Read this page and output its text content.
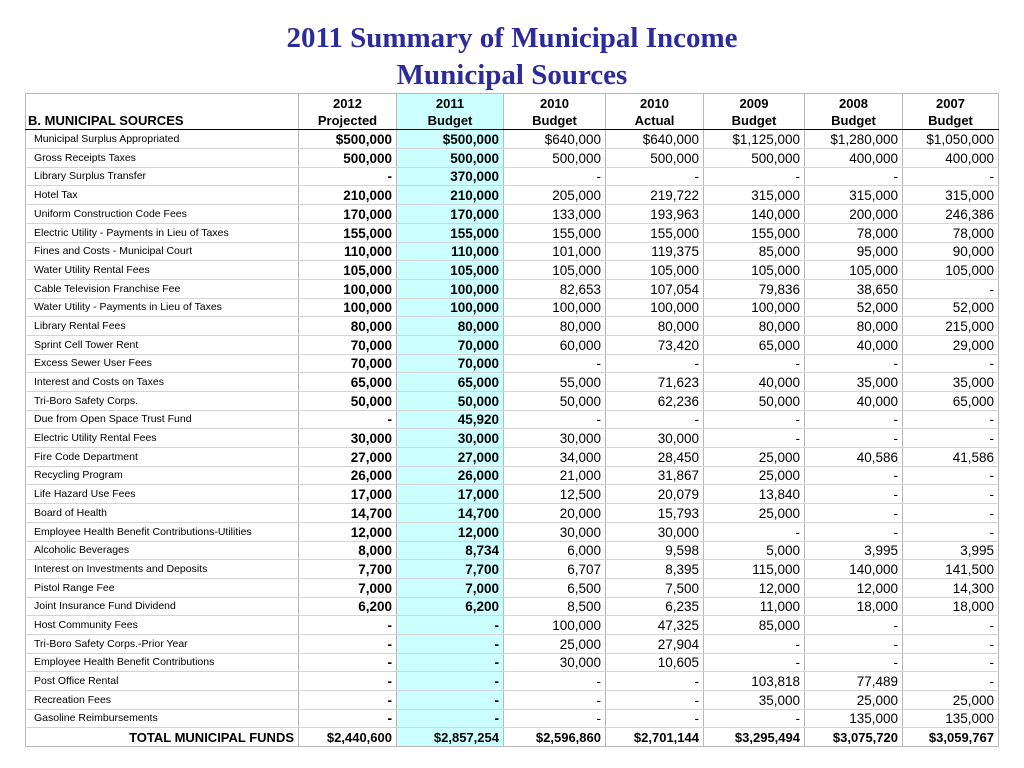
2011 Summary of Municipal Income
Municipal Sources
	2012	2011	2010	2010	2009	2008	2007
B. MUNICIPAL SOURCES	Projected	Budget	Budget	Actual	Budget	Budget	Budget
Municipal Surplus Appropriated	$500,000	$500,000	$640,000	$640,000	$1,125,000	$1,280,000	$1,050,000
Gross Receipts Taxes	500,000	500,000	500,000	500,000	500,000	400,000	400,000
Library Surplus Transfer	-	370,000	-	-	-	-	-
Hotel Tax	210,000	210,000	205,000	219,722	315,000	315,000	315,000
Uniform Construction Code Fees	170,000	170,000	133,000	193,963	140,000	200,000	246,386
Electric Utility - Payments in Lieu of Taxes	155,000	155,000	155,000	155,000	155,000	78,000	78,000
Fines and Costs - Municipal Court	110,000	110,000	101,000	119,375	85,000	95,000	90,000
Water Utility Rental Fees	105,000	105,000	105,000	105,000	105,000	105,000	105,000
Cable Television Franchise Fee	100,000	100,000	82,653	107,054	79,836	38,650	-
Water Utility - Payments in Lieu of Taxes	100,000	100,000	100,000	100,000	100,000	52,000	52,000
Library Rental Fees	80,000	80,000	80,000	80,000	80,000	80,000	215,000
Sprint Cell Tower Rent	70,000	70,000	60,000	73,420	65,000	40,000	29,000
Excess Sewer User Fees	70,000	70,000	-	-	-	-	-
Interest and Costs on Taxes	65,000	65,000	55,000	71,623	40,000	35,000	35,000
Tri-Boro Safety Corps.	50,000	50,000	50,000	62,236	50,000	40,000	65,000
Due from Open Space Trust Fund	-	45,920	-	-	-	-	-
Electric Utility Rental Fees	30,000	30,000	30,000	30,000	-	-	-
Fire Code Department	27,000	27,000	34,000	28,450	25,000	40,586	41,586
Recycling Program	26,000	26,000	21,000	31,867	25,000	-	-
Life Hazard Use Fees	17,000	17,000	12,500	20,079	13,840	-	-
Board of Health	14,700	14,700	20,000	15,793	25,000	-	-
Employee Health Benefit Contributions-Utilities	12,000	12,000	30,000	30,000	-	-	-
Alcoholic Beverages	8,000	8,734	6,000	9,598	5,000	3,995	3,995
Interest on Investments and Deposits	7,700	7,700	6,707	8,395	115,000	140,000	141,500
Pistol Range Fee	7,000	7,000	6,500	7,500	12,000	12,000	14,300
Joint Insurance Fund Dividend	6,200	6,200	8,500	6,235	11,000	18,000	18,000
Host Community Fees	-	-	100,000	47,325	85,000	-	-
Tri-Boro Safety Corps.-Prior Year	-	-	25,000	27,904	-	-	-
Employee Health Benefit Contributions	-	-	30,000	10,605	-	-	-
Post Office Rental	-	-	-	-	103,818	77,489	-
Recreation Fees	-	-	-	-	35,000	25,000	25,000
Gasoline Reimbursements	-	-	-	-	-	135,000	135,000
TOTAL MUNICIPAL FUNDS	$2,440,600	$2,857,254	$2,596,860	$2,701,144	$3,295,494	$3,075,720	$3,059,767
